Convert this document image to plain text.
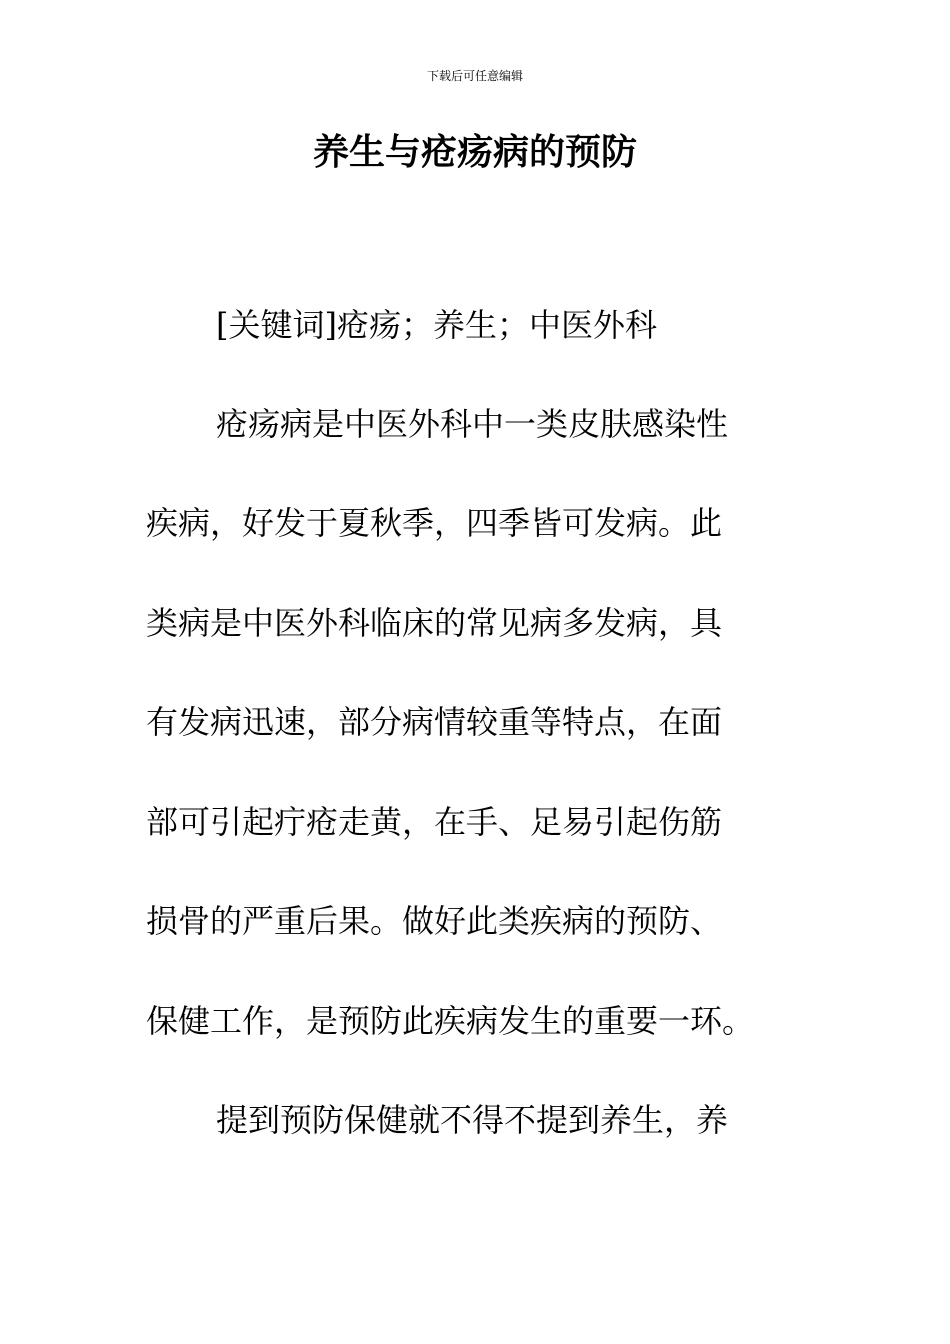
下载后可任意编辑
养生与疮疡病的预防
[关键词]疮疡；养生；中医外科
疮疡病是中医外科中一类皮肤感染性
疾病，好发于夏秋季，四季皆可发病。此
类病是中医外科临床的常见病多发病，具
有发病迅速，部分病情较重等特点，在面
部可引起疔疮走黄，在手、足易引起伤筋
损骨的严重后果。做好此类疾病的预防、
保健工作，是预防此疾病发生的重要一环。
提到预防保健就不得不提到养生，养
